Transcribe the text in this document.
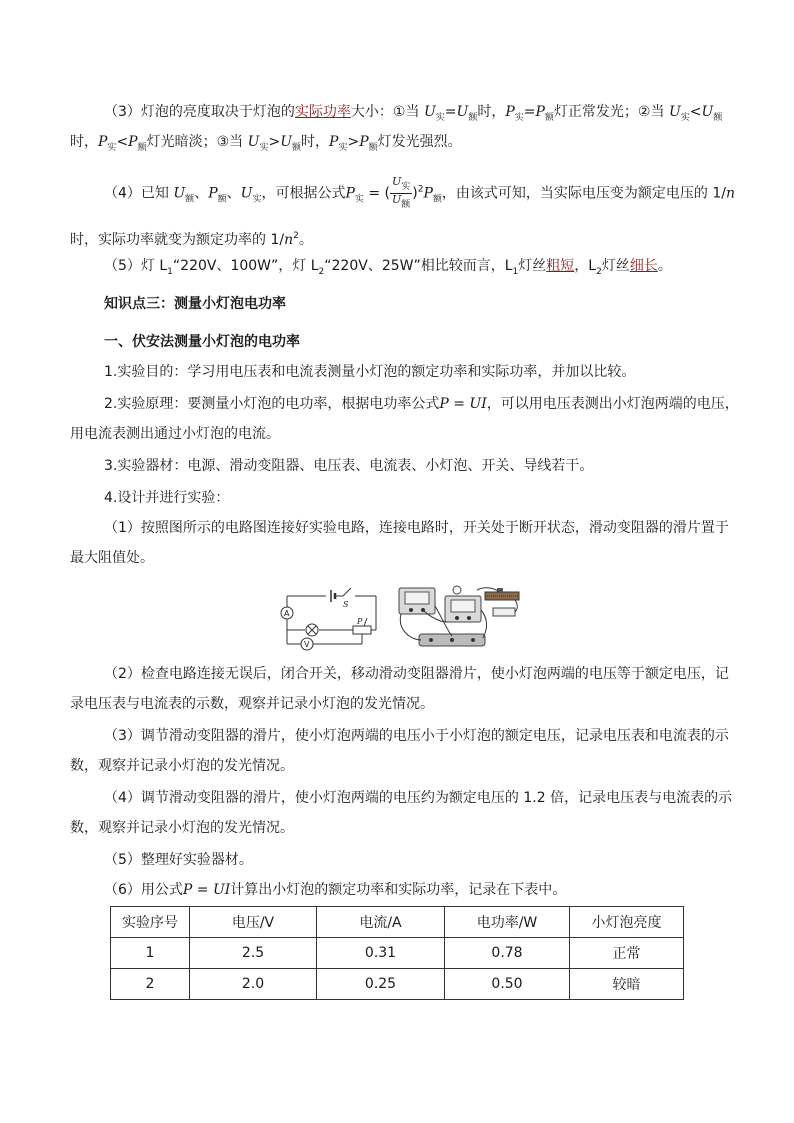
（3）灯泡的亮度取决于灯泡的实际功率大小：①当 $U_实=U_额$时，$P_实=P_额$灯正常发光；②当 $U_实<U_额$
时，$P_实<P_额$灯光暗淡；③当 $U_实>U_额$时，$P_实>P_额$灯发光强烈。
（4）已知 $U_额$、$P_额$、$U_实$，可根据公式$P_实$ = ( $\frac{U_实}{U_额} )^2P_额$，由该式可知，当实际电压变为额定电压的 1/n
时，实际功率就变为额定功率的 $1/n^2$。
（5）灯 $L_1“220V$、100W”，灯 $L_2“220V$、25W”相比较而言，$L_1$灯丝粗短，$L_2$灯丝细长。
知识点三：测量小灯泡电功率
一、伏安法测量小灯泡的电功率
1.实验目的：学习用电压表和电流表测量小灯泡的额定功率和实际功率，并加以比较。
2.实验原理：要测量小灯泡的电功率，根据电功率公式P = UI，可以用电压表测出小灯泡两端的电压，
用电流表测出通过小灯泡的电流。
3.实验器材：电源、滑动变阻器、电压表、电流表、小灯泡、开关、导线若干。
4.设计并进行实验：
（1）按照图所示的电路图连接好实验电路，连接电路时，开关处于断开状态，滑动变阻器的滑片置于
最大阻值处。
A
V
S
P
（2）检查电路连接无误后，闭合开关，移动滑动变阻器滑片，使小灯泡两端的电压等于额定电压，记
录电压表与电流表的示数，观察并记录小灯泡的发光情况。
（3）调节滑动变阻器的滑片，使小灯泡两端的电压小于小灯泡的额定电压，记录电压表和电流表的示
数，观察并记录小灯泡的发光情况。
（4）调节滑动变阻器的滑片，使小灯泡两端的电压约为额定电压的 1.2 倍，记录电压表与电流表的示
数，观察并记录小灯泡的发光情况。
（5）整理好实验器材。
（6）用公式P = UI计算出小灯泡的额定功率和实际功率，记录在下表中。
实验序号	电压/V	电流/A	电功率/W	小灯泡亮度
1	2.5	0.31	0.78	正常
2	2.0	0.25	0.50	较暗
